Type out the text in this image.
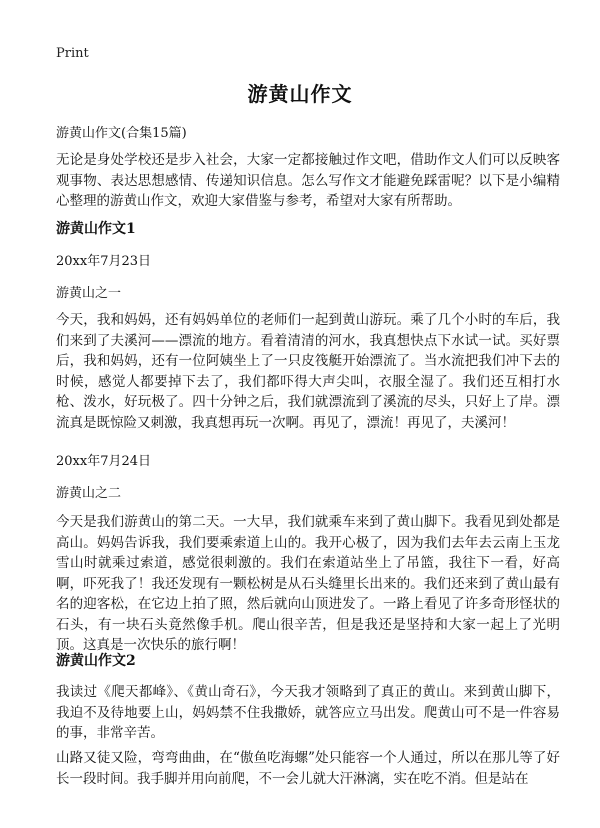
Print
游黄山作文
游黄山作文(合集15篇)
无论是身处学校还是步入社会，大家一定都接触过作文吧，借助作文人们可以反映客观事物、表达思想感情、传递知识信息。怎么写作文才能避免踩雷呢？以下是小编精心整理的游黄山作文，欢迎大家借鉴与参考，希望对大家有所帮助。
游黄山作文1
20xx年7月23日
游黄山之一
今天，我和妈妈，还有妈妈单位的老师们一起到黄山游玩。乘了几个小时的车后，我们来到了夫溪河——漂流的地方。看着清清的河水，我真想快点下水试一试。买好票后，我和妈妈，还有一位阿姨坐上了一只皮筏艇开始漂流了。当水流把我们冲下去的时候，感觉人都要掉下去了，我们都吓得大声尖叫，衣服全湿了。我们还互相打水枪、泼水，好玩极了。四十分钟之后，我们就漂流到了溪流的尽头，只好上了岸。漂流真是既惊险又刺激，我真想再玩一次啊。再见了，漂流！再见了，夫溪河！
20xx年7月24日
游黄山之二
今天是我们游黄山的第二天。一大早，我们就乘车来到了黄山脚下。我看见到处都是高山。妈妈告诉我，我们要乘索道上山的。我开心极了，因为我们去年去云南上玉龙雪山时就乘过索道，感觉很刺激的。我们在索道站坐上了吊篮，我往下一看，好高啊，吓死我了！我还发现有一颗松树是从石头缝里长出来的。我们还来到了黄山最有名的迎客松，在它边上拍了照，然后就向山顶进发了。一路上看见了许多奇形怪状的石头，有一块石头竟然像手机。爬山很辛苦，但是我还是坚持和大家一起上了光明顶。这真是一次快乐的旅行啊！
游黄山作文2
我读过《爬天都峰》、《黄山奇石》，今天我才领略到了真正的黄山。来到黄山脚下，我迫不及待地要上山，妈妈禁不住我撒娇，就答应立马出发。爬黄山可不是一件容易的事，非常辛苦。
山路又徒又险，弯弯曲曲，在“傲鱼吃海螺”处只能容一个人通过，所以在那儿等了好长一段时间。我手脚并用向前爬，不一会儿就大汗淋漓，实在吃不消。但是站在
